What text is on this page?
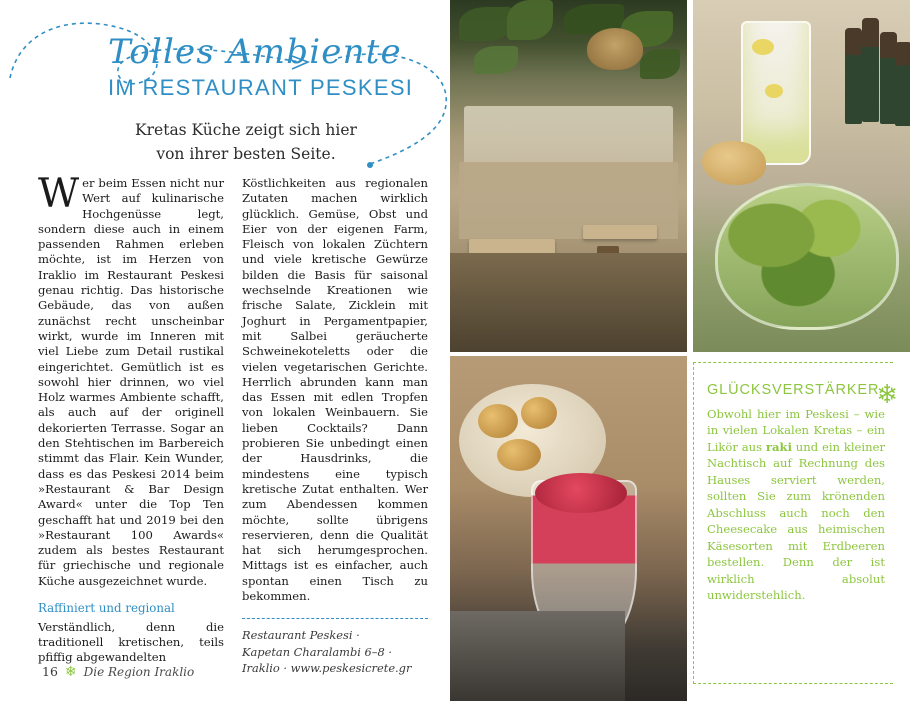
Tolles Ambiente
IM RESTAURANT PESKESI
Kretas Küche zeigt sich hier
von ihrer besten Seite.

Wer beim Essen nicht nur Wert auf kulinarische Hochgenüsse legt, sondern diese auch in einem passenden Rahmen erleben möchte, ist im Herzen von Iraklio im Restaurant Peskesi genau richtig. Das historische Gebäude, das von außen zunächst recht unscheinbar wirkt, wurde im Inneren mit viel Liebe zum Detail rustikal eingerichtet. Gemütlich ist es sowohl hier drinnen, wo viel Holz warmes Ambiente schafft, als auch auf der originell dekorierten Terrasse. Sogar an den Stehtischen im Barbereich stimmt das Flair. Kein Wunder, dass es das Peskesi 2014 beim »Restaurant & Bar Design Award« unter die Top Ten geschafft hat und 2019 bei den »Restaurant 100 Awards« zudem als bestes Restaurant für griechische und regionale Küche ausgezeichnet wurde.

Raffiniert und regional

Verständlich, denn die traditionell kretischen, teils pfiffig abgewandelten

Köstlichkeiten aus regionalen Zutaten machen wirklich glücklich. Gemüse, Obst und Eier von der eigenen Farm, Fleisch von lokalen Züchtern und viele kretische Gewürze bilden die Basis für saisonal wechselnde Kreationen wie frische Salate, Zicklein mit Joghurt in Pergamentpapier, mit Salbei geräucherte Schweinekoteletts oder die vielen vegetarischen Gerichte. Herrlich abrunden kann man das Essen mit edlen Tropfen von lokalen Weinbauern. Sie lieben Cocktails? Dann probieren Sie unbedingt einen der Hausdrinks, die mindestens eine typisch kretische Zutat enthalten. Wer zum Abendessen kommen möchte, sollte übrigens reservieren, denn die Qualität hat sich herumgesprochen. Mittags ist es einfacher, auch spontan einen Tisch zu bekommen.

Restaurant Peskesi ·
Kapetan Charalambi 6–8 ·
Iraklio · www.peskesicrete.gr
16 ❄ Die Region Iraklio
❄
GLÜCKSVERSTÄRKER
Obwohl hier im Peskesi – wie in vielen Lokalen Kretas – ein Likör aus raki und ein kleiner Nachtisch auf Rechnung des Hauses serviert werden, sollten Sie zum krönenden Abschluss auch noch den Cheesecake aus heimischen Käsesorten mit Erdbeeren bestellen. Denn der ist wirklich absolut unwiderstehlich.
